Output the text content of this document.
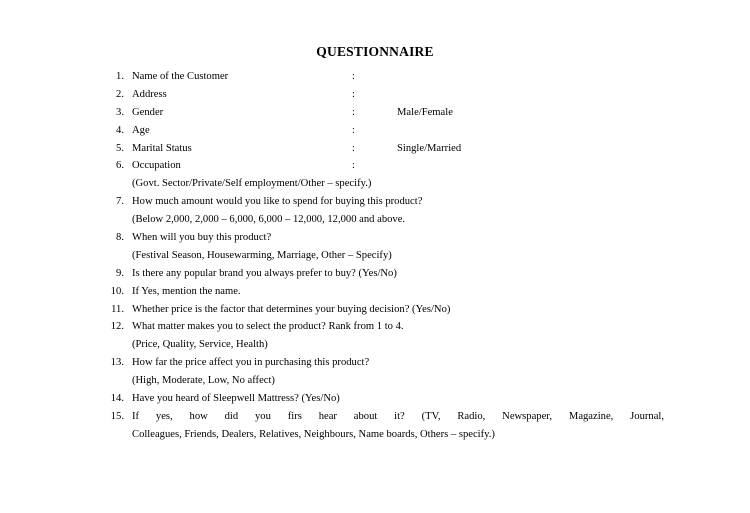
QUESTIONNAIRE
1. Name of the Customer	:
2. Address	:
3. Gender	:	Male/Female
4. Age	:
5. Marital Status	:	Single/Married
6. Occupation	:
(Govt. Sector/Private/Self employment/Other – specify.)
7. How much amount would you like to spend for buying this product?
(Below 2,000, 2,000 – 6,000, 6,000 – 12,000, 12,000 and above.
8. When will you buy this product?
(Festival Season, Housewarming, Marriage, Other – Specify)
9. Is there any popular brand you always prefer to buy? (Yes/No)
10. If Yes, mention the name.
11. Whether price is the factor that determines your buying decision? (Yes/No)
12. What matter makes you to select the product? Rank from 1 to 4.
(Price, Quality, Service, Health)
13. How far the price affect you in purchasing this product?
(High, Moderate, Low, No affect)
14. Have you heard of Sleepwell Mattress? (Yes/No)
15. If yes, how did you firs hear about it? (TV, Radio, Newspaper, Magazine, Journal,
Colleagues, Friends, Dealers, Relatives, Neighbours, Name boards, Others – specify.)
